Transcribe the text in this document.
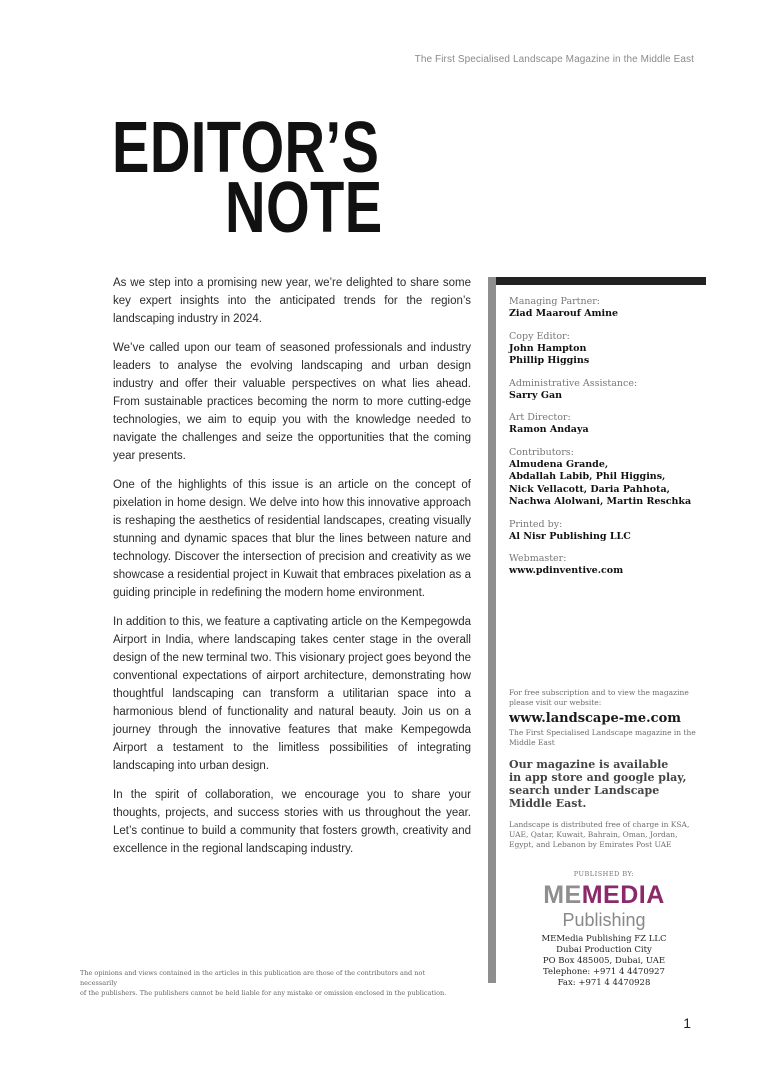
The First Specialised Landscape Magazine in the Middle East
EDITOR’S
NOTE

As we step into a promising new year, we’re delighted to share some key expert insights into the anticipated trends for the region’s landscaping industry in 2024.

We’ve called upon our team of seasoned professionals and industry leaders to analyse the evolving landscaping and urban design industry and offer their valuable perspectives on what lies ahead. From sustainable practices becoming the norm to more cutting-edge technologies, we aim to equip you with the knowledge needed to navigate the challenges and seize the opportunities that the coming year presents.

One of the highlights of this issue is an article on the concept of pixelation in home design. We delve into how this innovative approach is reshaping the aesthetics of residential landscapes, creating visually stunning and dynamic spaces that blur the lines between nature and technology. Discover the intersection of precision and creativity as we showcase a residential project in Kuwait that embraces pixelation as a guiding principle in redefining the modern home environment.

In addition to this, we feature a captivating article on the Kempegowda Airport in India, where landscaping takes center stage in the overall design of the new terminal two. This visionary project goes beyond the conventional expectations of airport architecture, demonstrating how thoughtful landscaping can transform a utilitarian space into a harmonious blend of functionality and natural beauty. Join us on a journey through the innovative features that make Kempegowda Airport a testament to the limitless possibilities of integrating landscaping into urban design.

In the spirit of collaboration, we encourage you to share your thoughts, projects, and success stories with us throughout the year. Let’s continue to build a community that fosters growth, creativity and excellence in the regional landscaping industry.

Managing Partner:
Ziad Maarouf Amine
Copy Editor:
John Hampton
Phillip Higgins
Administrative Assistance:
Sarry Gan
Art Director:
Ramon Andaya
Contributors:
Almudena Grande,
Abdallah Labib, Phil Higgins,
Nick Vellacott, Daria Pahhota,
Nachwa Alolwani, Martin Reschka
Printed by:
Al Nisr Publishing LLC
Webmaster:
www.pdinventive.com
For free subscription and to view the magazine
please visit our website:
www.landscape-me.com
The First Specialised Landscape magazine in the
Middle East
Our magazine is available
in app store and google play,
search under Landscape
Middle East.
Landscape is distributed free of charge in KSA,
UAE, Qatar, Kuwait, Bahrain, Oman, Jordan,
Egypt, and Lebanon by Emirates Post UAE
PUBLISHED BY:
MEMEDIA
Publishing
MEMedia Publishing FZ LLC
Dubai Production City
PO Box 485005, Dubai, UAE
Telephone: +971 4 4470927
Fax: +971 4 4470928
The opinions and views contained in the articles in this publication are those of the contributors and not necessarily
of the publishers. The publishers cannot be held liable for any mistake or omission enclosed in the publication.
1
